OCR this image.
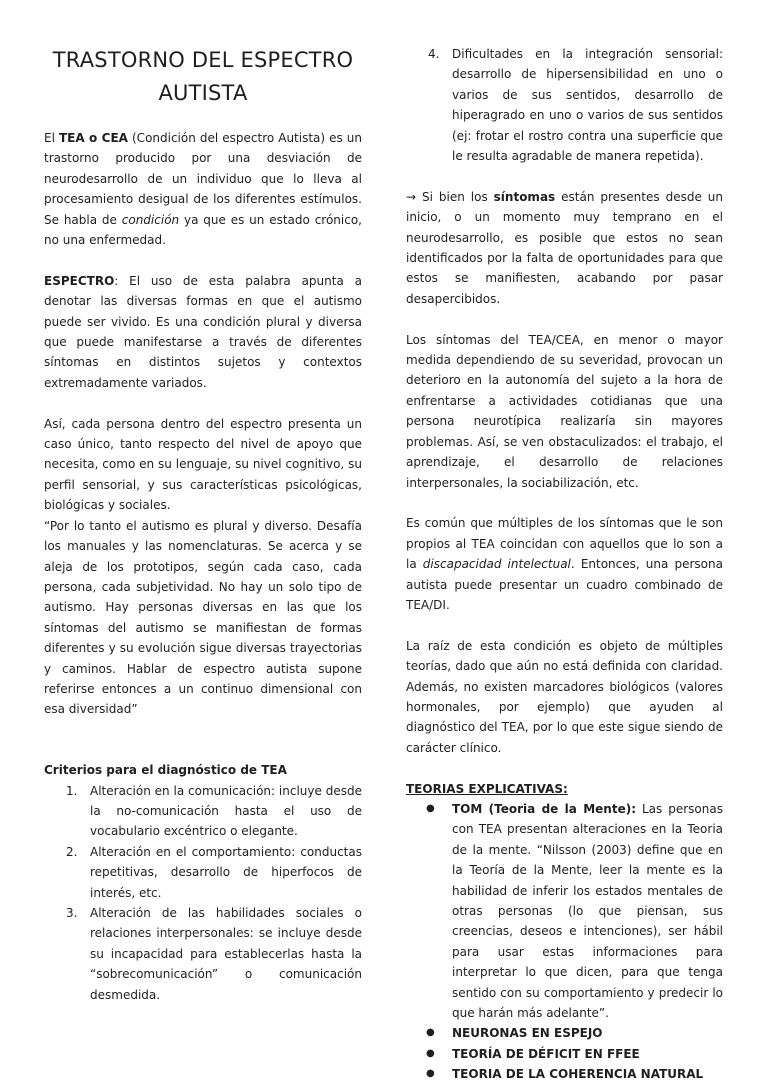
TRASTORNO DEL ESPECTRO
AUTISTA

El TEA o CEA (Condición del espectro Autista) es un trastorno producido por una desviación de neurodesarrollo de un individuo que lo lleva al procesamiento desigual de los diferentes estímulos. Se habla de condición ya que es un estado crónico, no una enfermedad.

ESPECTRO: El uso de esta palabra apunta a denotar las diversas formas en que el autismo puede ser vivido. Es una condición plural y diversa que puede manifestarse a través de diferentes síntomas en distintos sujetos y contextos extremadamente variados.

Así, cada persona dentro del espectro presenta un caso único, tanto respecto del nivel de apoyo que necesita, como en su lenguaje, su nivel cognitivo, su perfil sensorial, y sus características psicológicas, biológicas y sociales.

“Por lo tanto el autismo es plural y diverso. Desafía los manuales y las nomenclaturas. Se acerca y se aleja de los prototipos, según cada caso, cada persona, cada subjetividad. No hay un solo tipo de autismo. Hay personas diversas en las que los síntomas del autismo se manifiestan de formas diferentes y su evolución sigue diversas trayectorias y caminos. Hablar de espectro autista supone referirse entonces a un continuo dimensional con esa diversidad”

Criterios para el diagnóstico de TEA

1. Alteración en la comunicación: incluye desde la no-comunicación hasta el uso de vocabulario excéntrico o elegante.
2. Alteración en el comportamiento: conductas repetitivas, desarrollo de hiperfocos de interés, etc.
3. Alteración de las habilidades sociales o relaciones interpersonales: se incluye desde su incapacidad para establecerlas hasta la “sobrecomunicación” o comunicación desmedida.
4. Dificultades en la integración sensorial: desarrollo de hipersensibilidad en uno o varios de sus sentidos, desarrollo de hiperagrado en uno o varios de sus sentidos (ej: frotar el rostro contra una superficie que le resulta agradable de manera repetida).

→ Si bien los síntomas están presentes desde un inicio, o un momento muy temprano en el neurodesarrollo, es posible que estos no sean identificados por la falta de oportunidades para que estos se manifiesten, acabando por pasar desapercibidos.

Los síntomas del TEA/CEA, en menor o mayor medida dependiendo de su severidad, provocan un deterioro en la autonomía del sujeto a la hora de enfrentarse a actividades cotidianas que una persona neurotípica realizaría sin mayores problemas. Así, se ven obstaculizados: el trabajo, el aprendizaje, el desarrollo de relaciones interpersonales, la sociabilización, etc.

Es común que múltiples de los síntomas que le son propios al TEA coincidan con aquellos que lo son a la discapacidad intelectual. Entonces, una persona autista puede presentar un cuadro combinado de TEA/DI.

La raíz de esta condición es objeto de múltiples teorías, dado que aún no está definida con claridad. Además, no existen marcadores biológicos (valores hormonales, por ejemplo) que ayuden al diagnóstico del TEA, por lo que este sigue siendo de carácter clínico.

TEORIAS EXPLICATIVAS:

● TOM (Teoria de la Mente): Las personas con TEA presentan alteraciones en la Teoria de la mente. “Nilsson (2003) define que en la Teoría de la Mente, leer la mente es la habilidad de inferir los estados mentales de otras personas (lo que piensan, sus creencias, deseos e intenciones), ser hábil para usar estas informaciones para interpretar lo que dicen, para que tenga sentido con su comportamiento y predecir lo que harán más adelante”.
● NEURONAS EN ESPEJO
● TEORÍA DE DÉFICIT EN FFEE
● TEORIA DE LA COHERENCIA NATURAL
